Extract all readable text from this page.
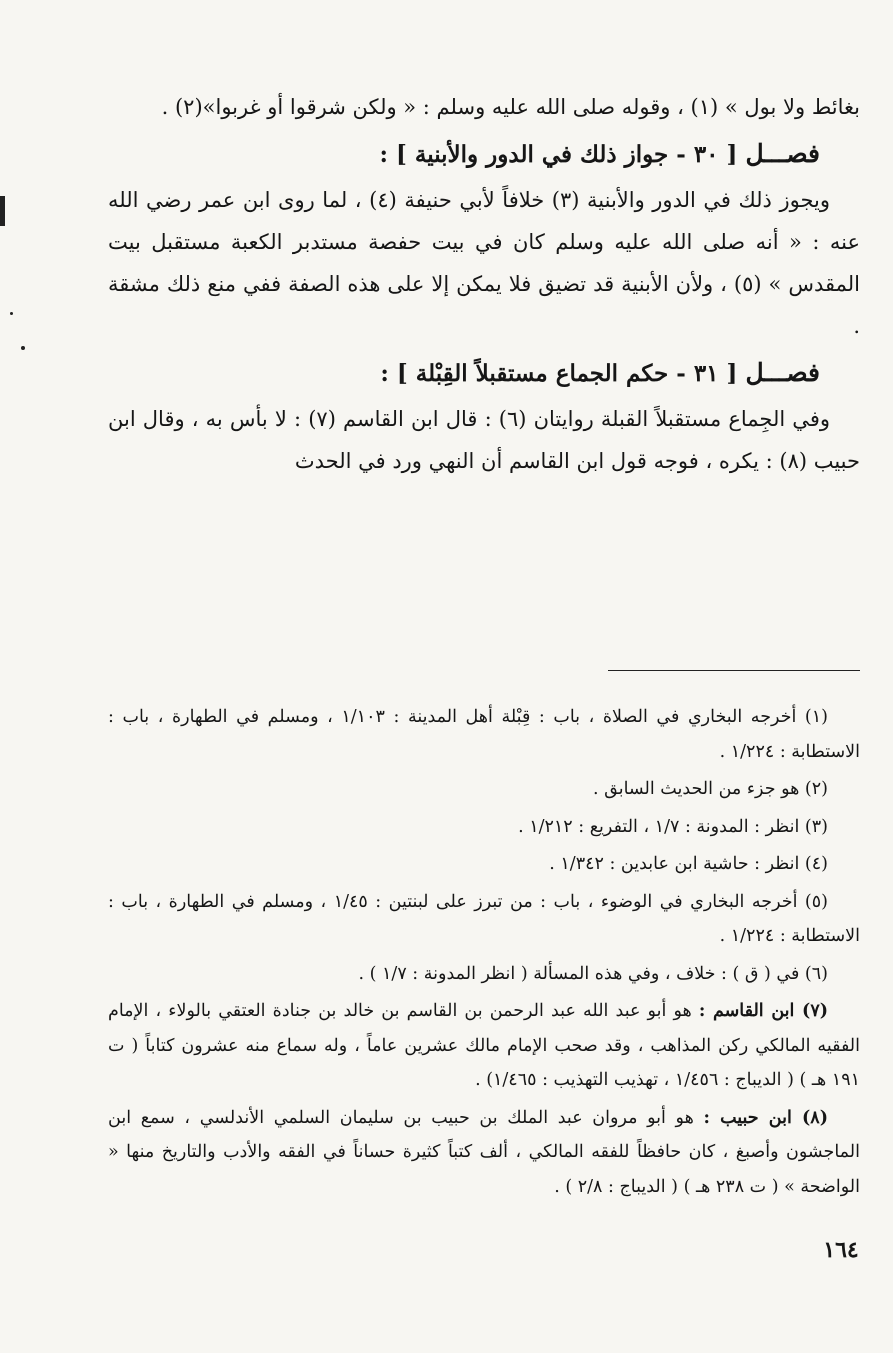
بغائط ولا بول » (١) ، وقوله صلى الله عليه وسلم : « ولكن شرقوا أو غربوا»(٢) .

فصـــل [ ٣٠ - جواز ذلك في الدور والأبنية ] :

ويجوز ذلك في الدور والأبنية (٣) خلافاً لأبي حنيفة (٤) ، لما روى ابن عمر رضي الله عنه : « أنه صلى الله عليه وسلم كان في بيت حفصة مستدبر الكعبة مستقبل بيت المقدس » (٥) ، ولأن الأبنية قد تضيق فلا يمكن إلا على هذه الصفة ففي منع ذلك مشقة .

فصـــل [ ٣١ - حكم الجماع مستقبلاً القِبْلة ] :

وفي الجِماع مستقبلاً القبلة روايتان (٦) : قال ابن القاسم (٧) : لا بأس به ، وقال ابن حبيب (٨) : يكره ، فوجه قول ابن القاسم أن النهي ورد في الحدث

(١) أخرجه البخاري في الصلاة ، باب : قِبْلة أهل المدينة : ١/١٠٣ ، ومسلم في الطهارة ، باب : الاستطابة : ١/٢٢٤ .

(٢) هو جزء من الحديث السابق .

(٣) انظر : المدونة : ١/٧ ، التفريع : ١/٢١٢ .

(٤) انظر : حاشية ابن عابدين : ١/٣٤٢ .

(٥) أخرجه البخاري في الوضوء ، باب : من تبرز على لبنتين : ١/٤٥ ، ومسلم في الطهارة ، باب : الاستطابة : ١/٢٢٤ .

(٦) في ( ق ) : خلاف ، وفي هذه المسألة ( انظر المدونة : ١/٧ ) .

(٧) ابن القاسم : هو أبو عبد الله عبد الرحمن بن القاسم بن خالد بن جنادة العتقي بالولاء ، الإمام الفقيه المالكي ركن المذاهب ، وقد صحب الإمام مالك عشرين عاماً ، وله سماع منه عشرون كتاباً ( ت ١٩١ هـ ) ( الديباج : ١/٤٥٦ ، تهذيب التهذيب : ١/٤٦٥) .

(٨) ابن حبيب : هو أبو مروان عبد الملك بن حبيب بن سليمان السلمي الأندلسي ، سمع ابن الماجشون وأصبغ ، كان حافظاً للفقه المالكي ، ألف كتباً كثيرة حساناً في الفقه والأدب والتاريخ منها « الواضحة » ( ت ٢٣٨ هـ ) ( الديباج : ٢/٨ ) .

١٦٤
